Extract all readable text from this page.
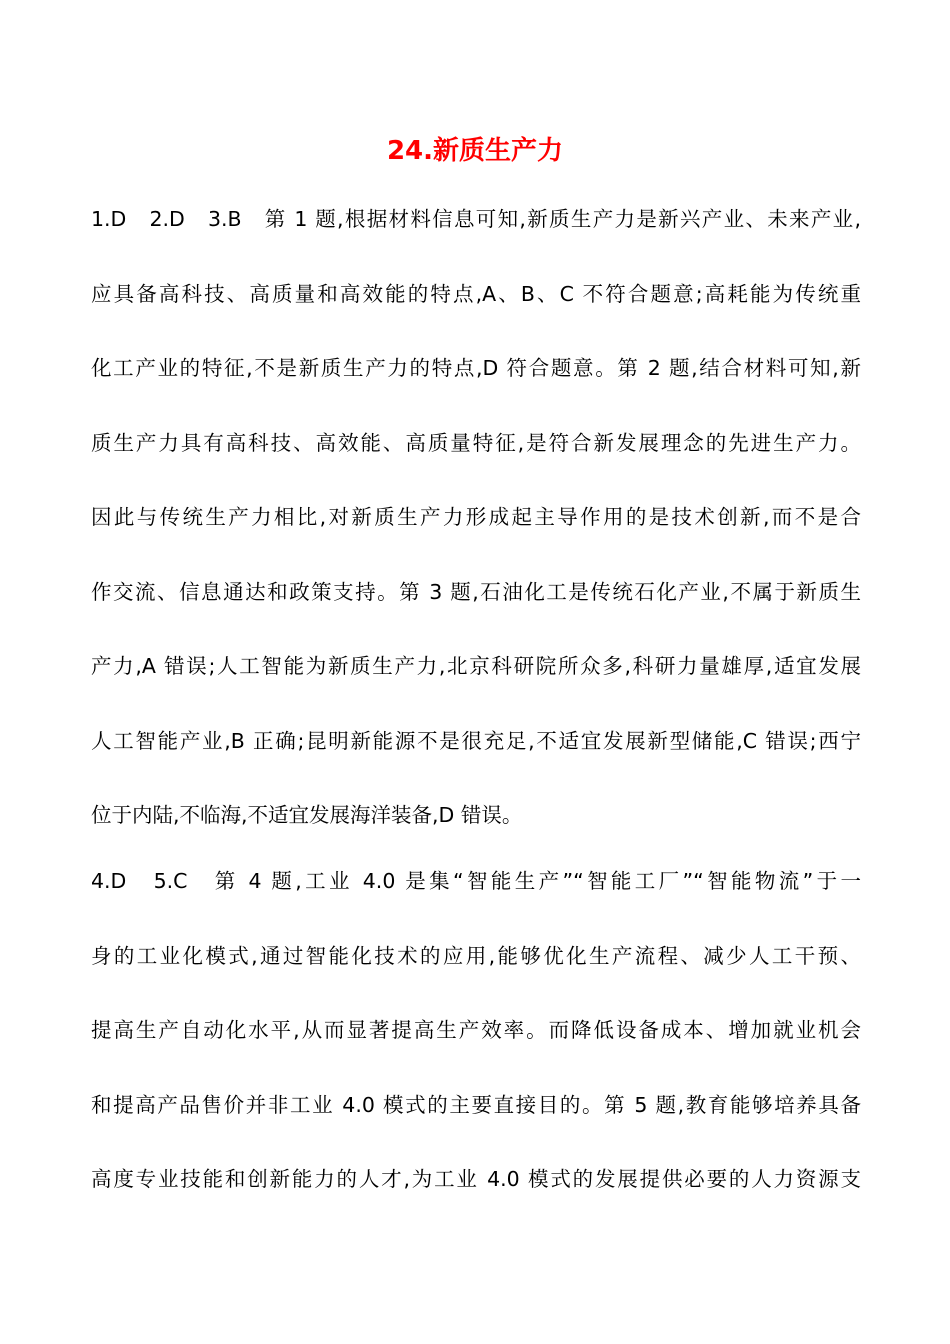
24.新质生产力
1.D　2.D　3.B　第 1 题,根据材料信息可知,新质生产力是新兴产业、未来产业,
应具备高科技、高质量和高效能的特点,A、B、C 不符合题意;高耗能为传统重
化工产业的特征,不是新质生产力的特点,D 符合题意。第 2 题,结合材料可知,新
质生产力具有高科技、高效能、高质量特征,是符合新发展理念的先进生产力。
因此与传统生产力相比,对新质生产力形成起主导作用的是技术创新,而不是合
作交流、信息通达和政策支持。第 3 题,石油化工是传统石化产业,不属于新质生
产力,A 错误;人工智能为新质生产力,北京科研院所众多,科研力量雄厚,适宜发展
人工智能产业,B 正确;昆明新能源不是很充足,不适宜发展新型储能,C 错误;西宁
位于内陆,不临海,不适宜发展海洋装备,D 错误。
4.D　5.C　第 4 题,工业 4.0 是集“智能生产”“智能工厂”“智能物流”于一
身的工业化模式,通过智能化技术的应用,能够优化生产流程、减少人工干预、
提高生产自动化水平,从而显著提高生产效率。而降低设备成本、增加就业机会
和提高产品售价并非工业 4.0 模式的主要直接目的。第 5 题,教育能够培养具备
高度专业技能和创新能力的人才,为工业 4.0 模式的发展提供必要的人力资源支
